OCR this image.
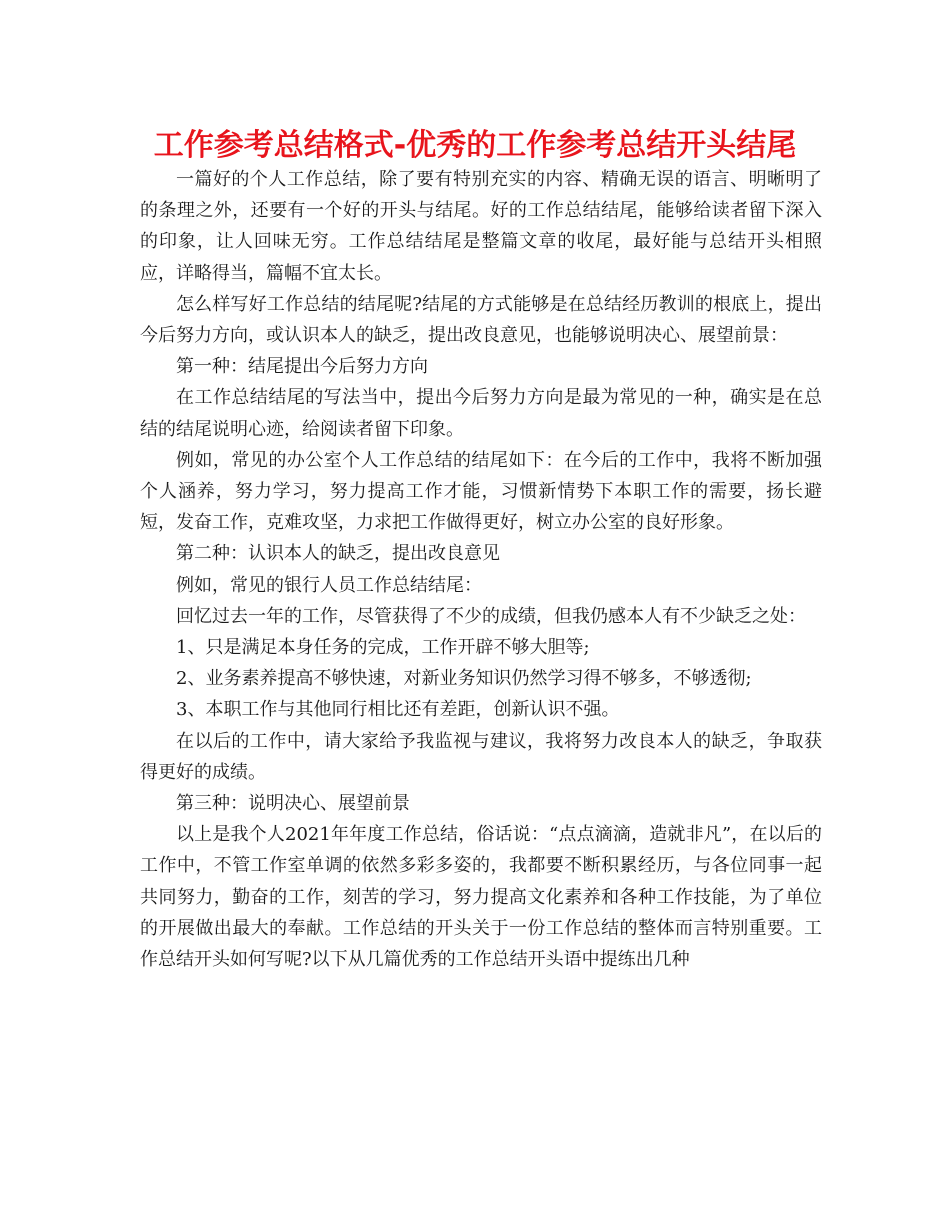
工作参考总结格式-优秀的工作参考总结开头结尾

一篇好的个人工作总结，除了要有特别充实的内容、精确无误的语言、明晰明了的条理之外，还要有一个好的开头与结尾。好的工作总结结尾，能够给读者留下深入的印象，让人回味无穷。工作总结结尾是整篇文章的收尾，最好能与总结开头相照应，详略得当，篇幅不宜太长。

怎么样写好工作总结的结尾呢?结尾的方式能够是在总结经历教训的根底上，提出今后努力方向，或认识本人的缺乏，提出改良意见，也能够说明决心、展望前景：

第一种：结尾提出今后努力方向

在工作总结结尾的写法当中，提出今后努力方向是最为常见的一种，确实是在总结的结尾说明心迹，给阅读者留下印象。

例如，常见的办公室个人工作总结的结尾如下：在今后的工作中，我将不断加强个人涵养，努力学习，努力提高工作才能，习惯新情势下本职工作的需要，扬长避短，发奋工作，克难攻坚，力求把工作做得更好，树立办公室的良好形象。

第二种：认识本人的缺乏，提出改良意见

例如，常见的银行人员工作总结结尾：

回忆过去一年的工作，尽管获得了不少的成绩，但我仍感本人有不少缺乏之处：

1、只是满足本身任务的完成，工作开辟不够大胆等;

2、业务素养提高不够快速，对新业务知识仍然学习得不够多，不够透彻;

3、本职工作与其他同行相比还有差距，创新认识不强。

在以后的工作中，请大家给予我监视与建议，我将努力改良本人的缺乏，争取获得更好的成绩。

第三种：说明决心、展望前景

以上是我个人2021年年度工作总结，俗话说：“点点滴滴，造就非凡”，在以后的工作中，不管工作室单调的依然多彩多姿的，我都要不断积累经历，与各位同事一起共同努力，勤奋的工作，刻苦的学习，努力提高文化素养和各种工作技能，为了单位的开展做出最大的奉献。工作总结的开头关于一份工作总结的整体而言特别重要。工作总结开头如何写呢?以下从几篇优秀的工作总结开头语中提练出几种
